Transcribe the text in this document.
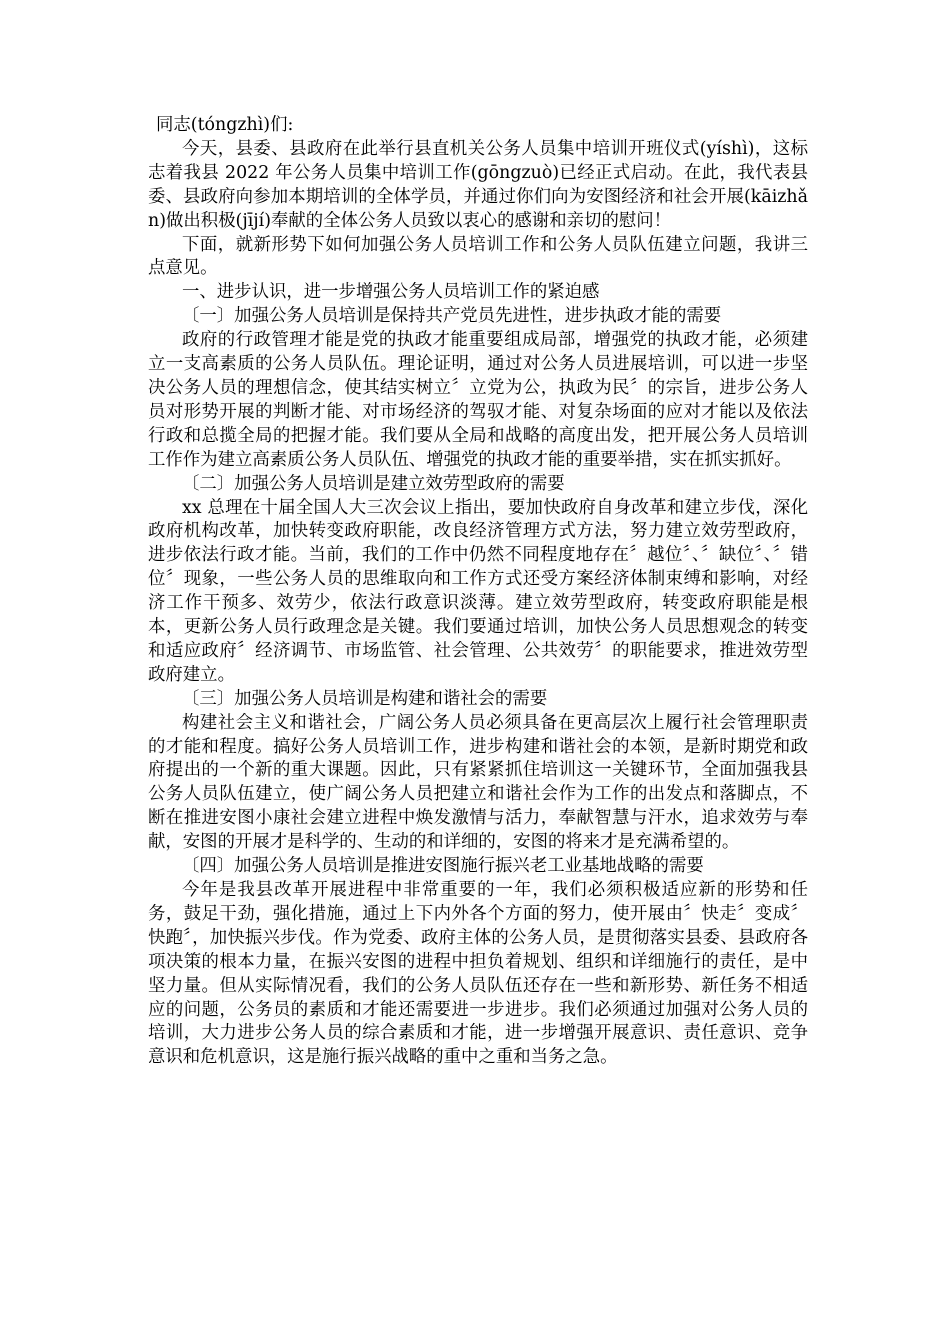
同志(tóngzhì)们:

今天，县委、县政府在此举行县直机关公务人员集中培训开班仪式(yíshì)，这标志着我县 2022 年公务人员集中培训工作(gōngzuò)已经正式启动。在此，我代表县委、县政府向参加本期培训的全体学员，并通过你们向为安图经济和社会开展(kāizhǎn)做出积极(jījí)奉献的全体公务人员致以衷心的感谢和亲切的慰问！

下面，就新形势下如何加强公务人员培训工作和公务人员队伍建立问题，我讲三点意见。

一、进步认识，进一步增强公务人员培训工作的紧迫感

〔一〕加强公务人员培训是保持共产党员先进性，进步执政才能的需要

政府的行政管理才能是党的执政才能重要组成局部，增强党的执政才能，必须建立一支高素质的公务人员队伍。理论证明，通过对公务人员进展培训，可以进一步坚决公务人员的理想信念，使其结实树立〞立党为公，执政为民〞的宗旨，进步公务人员对形势开展的判断才能、对市场经济的驾驭才能、对复杂场面的应对才能以及依法行政和总揽全局的把握才能。我们要从全局和战略的高度出发，把开展公务人员培训工作作为建立高素质公务人员队伍、增强党的执政才能的重要举措，实在抓实抓好。

〔二〕加强公务人员培训是建立效劳型政府的需要

xx 总理在十届全国人大三次会议上指出，要加快政府自身改革和建立步伐，深化政府机构改革，加快转变政府职能，改良经济管理方式方法，努力建立效劳型政府，进步依法行政才能。当前，我们的工作中仍然不同程度地存在〞越位〞、〞缺位〞、〞错位〞现象，一些公务人员的思维取向和工作方式还受方案经济体制束缚和影响，对经济工作干预多、效劳少，依法行政意识淡薄。建立效劳型政府，转变政府职能是根本，更新公务人员行政理念是关键。我们要通过培训，加快公务人员思想观念的转变和适应政府〞经济调节、市场监管、社会管理、公共效劳〞的职能要求，推进效劳型政府建立。

〔三〕加强公务人员培训是构建和谐社会的需要

构建社会主义和谐社会，广阔公务人员必须具备在更高层次上履行社会管理职责的才能和程度。搞好公务人员培训工作，进步构建和谐社会的本领，是新时期党和政府提出的一个新的重大课题。因此，只有紧紧抓住培训这一关键环节，全面加强我县公务人员队伍建立，使广阔公务人员把建立和谐社会作为工作的出发点和落脚点，不断在推进安图小康社会建立进程中焕发激情与活力，奉献智慧与汗水，追求效劳与奉献，安图的开展才是科学的、生动的和详细的，安图的将来才是充满希望的。

〔四〕加强公务人员培训是推进安图施行振兴老工业基地战略的需要

今年是我县改革开展进程中非常重要的一年，我们必须积极适应新的形势和任务，鼓足干劲，强化措施，通过上下内外各个方面的努力，使开展由〞快走〞变成〞快跑〞，加快振兴步伐。作为党委、政府主体的公务人员，是贯彻落实县委、县政府各项决策的根本力量，在振兴安图的进程中担负着规划、组织和详细施行的责任，是中坚力量。但从实际情况看，我们的公务人员队伍还存在一些和新形势、新任务不相适应的问题，公务员的素质和才能还需要进一步进步。我们必须通过加强对公务人员的培训，大力进步公务人员的综合素质和才能，进一步增强开展意识、责任意识、竞争意识和危机意识，这是施行振兴战略的重中之重和当务之急。
